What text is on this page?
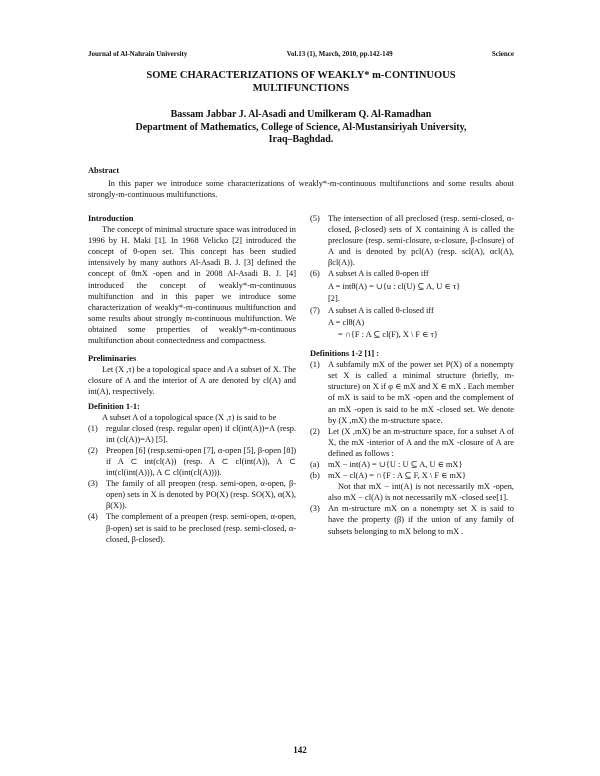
Journal of Al-Nahrain University	Vol.13 (1), March, 2010, pp.142-149	Science
SOME CHARACTERIZATIONS OF WEAKLY* m-CONTINUOUS
MULTIFUNCTIONS
Bassam Jabbar J. Al-Asadi and Umilkeram Q. Al-Ramadhan
Department of Mathematics, College of Science, Al-Mustansiriyah University,
Iraq–Baghdad.
Abstract

In this paper we introduce some characterizations of weakly*-m-continuous multifunctions and some results about strongly-m-continuous multifunctions.

Introduction

The concept of minimal structure space was introduced in 1996 by H. Maki [1]. In 1968 Velicko [2] introduced the concept of θ-open set. This concept has been studied intensively by many authors Al-Asadi B. J. [3] defined the concept of θmX -open and in 2008 Al-Asadi B. J. [4] introduced the concept of weakly*-m-continuous multifunction and in this paper we introduce some characterization of weakly*-m-continuous multifunction and some results about strongly m-continuous multifunction. We obtained some properties of weakly*-m-continuous multifunction about connectedness and compactness.

Preliminaries

Let (X ,τ) be a topological space and A a subset of X. The closure of A and the interior of A are denoted by cl(A) and int(A), respectively.

Definition 1-1:

A subset A of a topological space (X ,τ) is said to be

(1) regular closed (resp. regular open) if cl(int(A))=A (resp. int (cl(A))=A) [5].
(2) Preopen [6] (resp.semi-open [7], α-open [5], β-open [8]) if A ⊂ int(cl(A)) (resp. A ⊂ cl(int(A)), A ⊂ int(cl(int(A))), A ⊂ cl(int(cl(A)))).
(3) The family of all preopen (resp. semi-open, α-open, β-open) sets in X is denoted by PO(X) (resp. SO(X), α(X), β(X)).
(4) The complement of a preopen (resp. semi-open, α-open, β-open) set is said to be preclosed (resp. semi-closed, α-closed, β-closed).
(5) The intersection of all preclosed (resp. semi-closed, α-closed, β-closed) sets of X containing A is called the preclosure (resp. semi-closure, α-closure, β-closure) of A and is denoted by pcl(A) (resp. scl(A), αcl(A), βcl(A)).
(6) A subset A is called θ-open iff
A = intθ(A) = ∪{u : cl(U) ⊆ A, U ∈ τ}
[2].
(7) A subset A is called θ-closed iff
A = clθ(A)
= ∩{F : A ⊆ cl(F), X \ F ∈ τ}

Definitions 1-2 [1] :

(1) A subfamily mX of the power set P(X) of a nonempty set X is called a minimal structure (briefly, m-structure) on X if φ ∈ mX and X ∈ mX . Each member of mX is said to be mX -open and the complement of an mX -open is said to be mX -closed set. We denote by (X ,mX) the m-structure space.
(2) Let (X ,mX) be an m-structure space, for a subset A of X, the mX -interior of A and the mX -closure of A are defined as follows :
(a)	mX − int(A) = ∪{U : U ⊆ A, U ∈ mX}
(b) mX − cl(A) = ∩{F : A ⊆ F, X \ F ∈ mX}

Not that mX − int(A) is not necessarily mX -open, also mX − cl(A) is not necessarily mX -closed see[1].

(3) An m-structure mX on a nonempty set X is said to have the property (β) if the union of any family of subsets belonging to mX belong to mX .
142
